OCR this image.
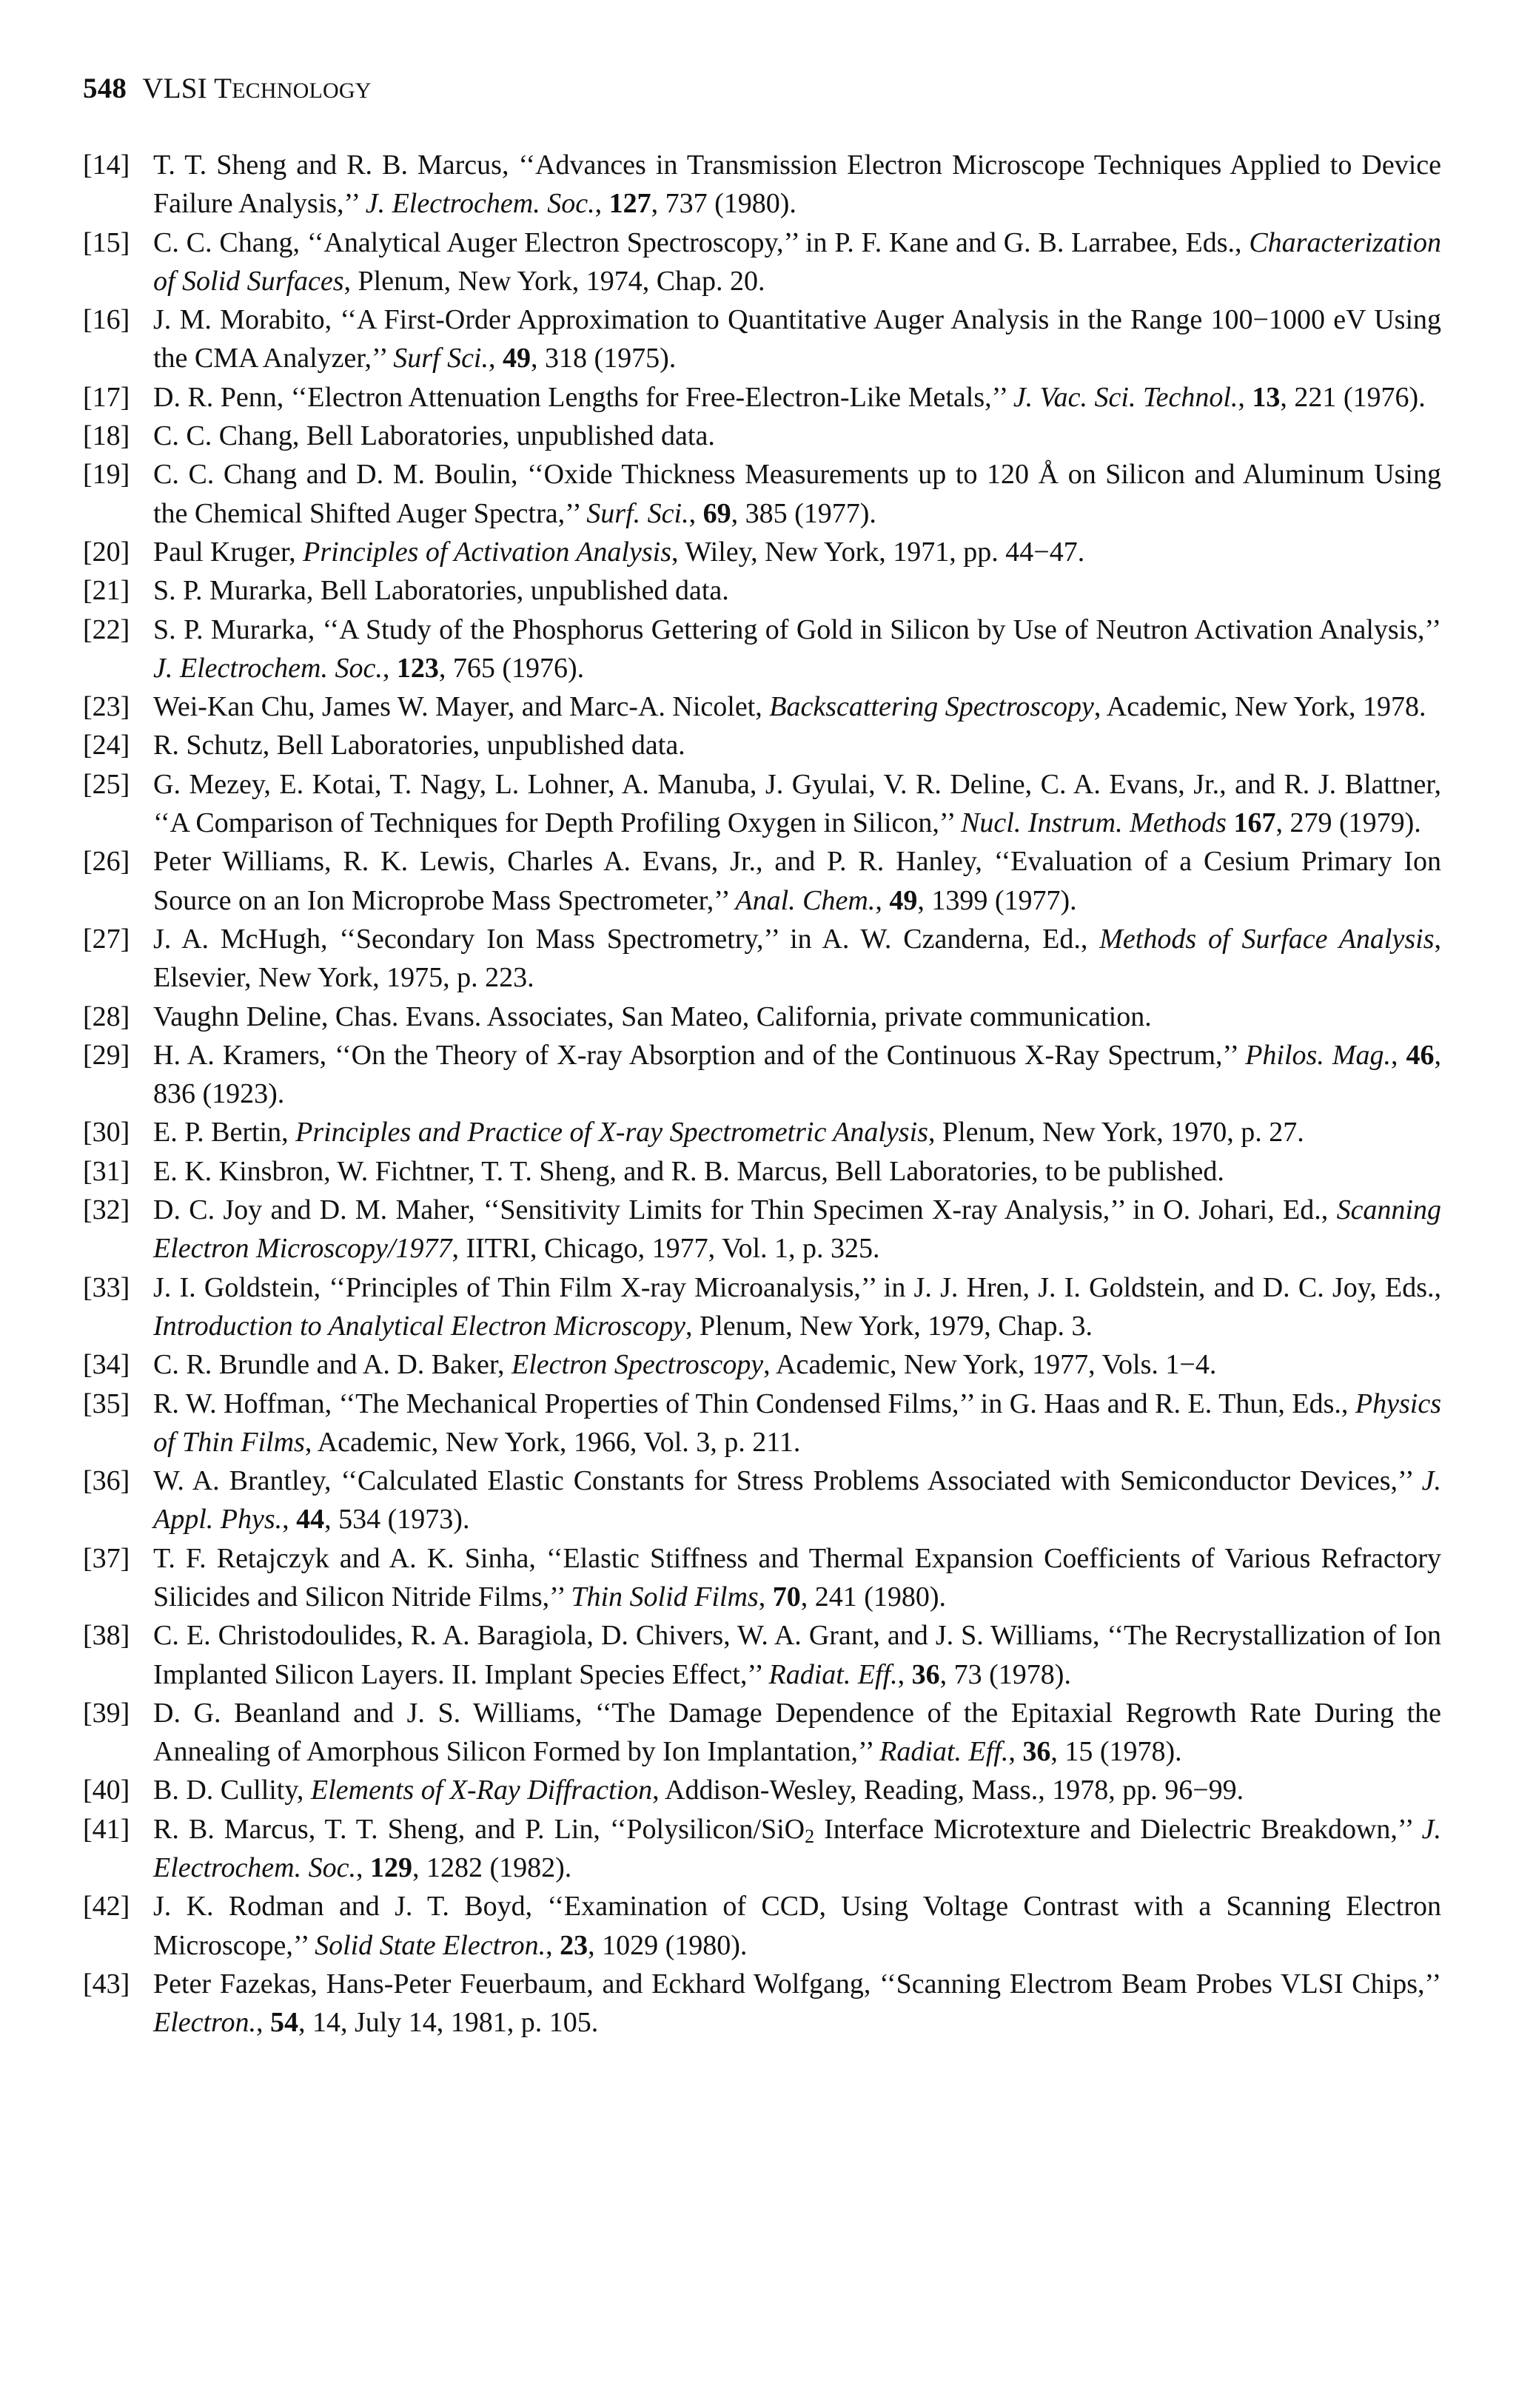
548 VLSI TECHNOLOGY
[14] T. T. Sheng and R. B. Marcus, ‘‘Advances in Transmission Electron Microscope Techniques Applied to Device Failure Analysis,’’ J. Electrochem. Soc., 127, 737 (1980).
[15] C. C. Chang, ‘‘Analytical Auger Electron Spectroscopy,’’ in P. F. Kane and G. B. Larrabee, Eds., Characterization of Solid Surfaces, Plenum, New York, 1974, Chap. 20.
[16] J. M. Morabito, ‘‘A First-Order Approximation to Quantitative Auger Analysis in the Range 100−1000 eV Using the CMA Analyzer,’’ Surf Sci., 49, 318 (1975).
[17] D. R. Penn, ‘‘Electron Attenuation Lengths for Free-Electron-Like Metals,’’ J. Vac. Sci. Technol., 13, 221 (1976).
[18] C. C. Chang, Bell Laboratories, unpublished data.
[19] C. C. Chang and D. M. Boulin, ‘‘Oxide Thickness Measurements up to 120 Å on Silicon and Aluminum Using the Chemical Shifted Auger Spectra,’’ Surf. Sci., 69, 385 (1977).
[20] Paul Kruger, Principles of Activation Analysis, Wiley, New York, 1971, pp. 44−47.
[21] S. P. Murarka, Bell Laboratories, unpublished data.
[22] S. P. Murarka, ‘‘A Study of the Phosphorus Gettering of Gold in Silicon by Use of Neutron Activation Analysis,’’ J. Electrochem. Soc., 123, 765 (1976).
[23] Wei-Kan Chu, James W. Mayer, and Marc-A. Nicolet, Backscattering Spectroscopy, Academic, New York, 1978.
[24] R. Schutz, Bell Laboratories, unpublished data.
[25] G. Mezey, E. Kotai, T. Nagy, L. Lohner, A. Manuba, J. Gyulai, V. R. Deline, C. A. Evans, Jr., and R. J. Blattner, ‘‘A Comparison of Techniques for Depth Profiling Oxygen in Silicon,’’ Nucl. Instrum. Methods 167, 279 (1979).
[26] Peter Williams, R. K. Lewis, Charles A. Evans, Jr., and P. R. Hanley, ‘‘Evaluation of a Cesium Primary Ion Source on an Ion Microprobe Mass Spectrometer,’’ Anal. Chem., 49, 1399 (1977).
[27] J. A. McHugh, ‘‘Secondary Ion Mass Spectrometry,’’ in A. W. Czanderna, Ed., Methods of Surface Analysis, Elsevier, New York, 1975, p. 223.
[28] Vaughn Deline, Chas. Evans. Associates, San Mateo, California, private communication.
[29] H. A. Kramers, ‘‘On the Theory of X-ray Absorption and of the Continuous X-Ray Spectrum,’’ Philos. Mag., 46, 836 (1923).
[30] E. P. Bertin, Principles and Practice of X-ray Spectrometric Analysis, Plenum, New York, 1970, p. 27.
[31] E. K. Kinsbron, W. Fichtner, T. T. Sheng, and R. B. Marcus, Bell Laboratories, to be published.
[32] D. C. Joy and D. M. Maher, ‘‘Sensitivity Limits for Thin Specimen X-ray Analysis,’’ in O. Johari, Ed., Scanning Electron Microscopy/1977, IITRI, Chicago, 1977, Vol. 1, p. 325.
[33] J. I. Goldstein, ‘‘Principles of Thin Film X-ray Microanalysis,’’ in J. J. Hren, J. I. Goldstein, and D. C. Joy, Eds., Introduction to Analytical Electron Microscopy, Plenum, New York, 1979, Chap. 3.
[34] C. R. Brundle and A. D. Baker, Electron Spectroscopy, Academic, New York, 1977, Vols. 1−4.
[35] R. W. Hoffman, ‘‘The Mechanical Properties of Thin Condensed Films,’’ in G. Haas and R. E. Thun, Eds., Physics of Thin Films, Academic, New York, 1966, Vol. 3, p. 211.
[36] W. A. Brantley, ‘‘Calculated Elastic Constants for Stress Problems Associated with Semiconductor Devices,’’ J. Appl. Phys., 44, 534 (1973).
[37] T. F. Retajczyk and A. K. Sinha, ‘‘Elastic Stiffness and Thermal Expansion Coefficients of Various Refractory Silicides and Silicon Nitride Films,’’ Thin Solid Films, 70, 241 (1980).
[38] C. E. Christodoulides, R. A. Baragiola, D. Chivers, W. A. Grant, and J. S. Williams, ‘‘The Recrystallization of Ion Implanted Silicon Layers. II. Implant Species Effect,’’ Radiat. Eff., 36, 73 (1978).
[39] D. G. Beanland and J. S. Williams, ‘‘The Damage Dependence of the Epitaxial Regrowth Rate During the Annealing of Amorphous Silicon Formed by Ion Implantation,’’ Radiat. Eff., 36, 15 (1978).
[40] B. D. Cullity, Elements of X-Ray Diffraction, Addison-Wesley, Reading, Mass., 1978, pp. 96−99.
[41] R. B. Marcus, T. T. Sheng, and P. Lin, ‘‘Polysilicon/SiO$_2$ Interface Microtexture and Dielectric Breakdown,’’ J. Electrochem. Soc., 129, 1282 (1982).
[42] J. K. Rodman and J. T. Boyd, ‘‘Examination of CCD, Using Voltage Contrast with a Scanning Electron Microscope,’’ Solid State Electron., 23, 1029 (1980).
[43] Peter Fazekas, Hans-Peter Feuerbaum, and Eckhard Wolfgang, ‘‘Scanning Electrom Beam Probes VLSI Chips,’’ Electron., 54, 14, July 14, 1981, p. 105.
